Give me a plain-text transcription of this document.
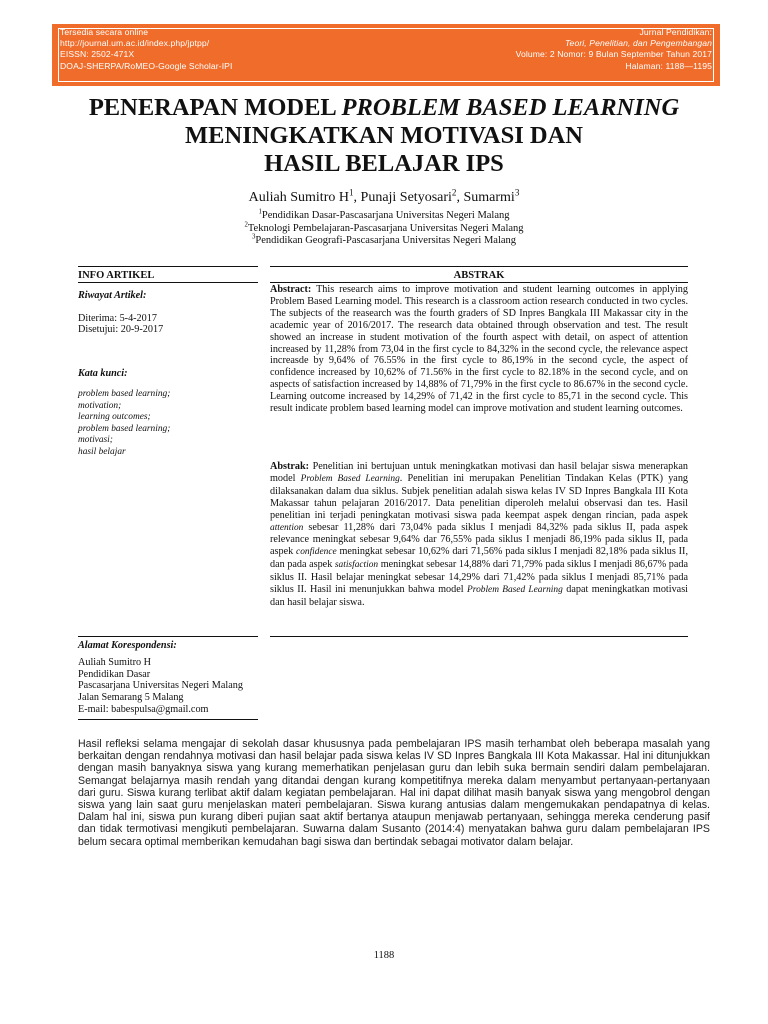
Tersedia secara online
http://journal.um.ac.id/index.php/jptpp/
EISSN: 2502-471X
DOAJ-SHERPA/RoMEO-Google Scholar-IPI
Jurnal Pendidikan:
Teori, Penelitian, dan Pengembangan
Volume: 2 Nomor: 9 Bulan September Tahun 2017
Halaman: 1188—1195
PENERAPAN MODEL PROBLEM BASED LEARNING
MENINGKATKAN MOTIVASI DAN
HASIL BELAJAR IPS
Auliah Sumitro $H^1$, Punaji Setyosari$^2$, Sumarmi$^3$
$^1$Pendidikan Dasar-Pascasarjana Universitas Negeri Malang
$^2$Teknologi Pembelajaran-Pascasarjana Universitas Negeri Malang
$^3$Pendidikan Geografi-Pascasarjana Universitas Negeri Malang
INFO ARTIKEL	ABSTRAK
Riwayat Artikel:
Diterima: 5-4-2017
Disetujui: 20-9-2017
Kata kunci:
problem based learning;
motivation;
learning outcomes;
problem based learning;
motivasi;
hasil belajar
Abstract: This research aims to improve motivation and student learning outcomes in applying Problem Based Learning model. This research is a classroom action research conducted in two cycles. The subjects of the reasearch was the fourth graders of SD Inpres Bangkala III Makassar city in the academic year of 2016/2017. The research data obtained through observation and test. The result showed an increase in student motivation of the fourth aspect with detail, on aspect of attention increased by 11,28% from 73,04 in the first cycle to 84,32% in the second cycle, the relevance aspect increasde by 9,64% of 76.55% in the first cycle to 86,19% in the second cycle, the aspect of confidence increased by 10,62% of 71.56% in the first cycle to 82.18% in the second cycle, and on aspects of satisfaction increased by 14,88% of 71,79% in the first cycle to 86.67% in the second cycle. Learning outcome increased by 14,29% of 71,42 in the first cycle to 85,71 in the second cycle. This result indicate problem based learning model can improve motivation and student learning outcomes.
Abstrak: Penelitian ini bertujuan untuk meningkatkan motivasi dan hasil belajar siswa menerapkan model Problem Based Learning. Penelitian ini merupakan Penelitian Tindakan Kelas (PTK) yang dilaksanakan dalam dua siklus. Subjek penelitian adalah siswa kelas IV SD Inpres Bangkala III Kota Makassar tahun pelajaran 2016/2017. Data penelitian diperoleh melalui observasi dan tes. Hasil penelitian ini terjadi peningkatan motivasi siswa pada keempat aspek dengan rincian, pada aspek attention sebesar 11,28% dari 73,04% pada siklus I menjadi 84,32% pada siklus II, pada aspek relevance meningkat sebesar 9,64% dar 76,55% pada siklus I menjadi 86,19% pada siklus II, pada aspek confidence meningkat sebesar 10,62% dari 71,56% pada siklus I menjadi 82,18% pada siklus II, dan pada aspek satisfaction meningkat sebesar 14,88% dari 71,79% pada siklus I menjadi 86,67% pada siklus II. Hasil belajar meningkat sebesar 14,29% dari 71,42% pada siklus I menjadi 85,71% pada siklus II. Hasil ini menunjukkan bahwa model Problem Based Learning dapat meningkatkan motivasi dan hasil belajar siswa.
Alamat Korespondensi:
Auliah Sumitro H
Pendidikan Dasar
Pascasarjana Universitas Negeri Malang
Jalan Semarang 5 Malang
E-mail: babespulsa@gmail.com
Hasil refleksi selama mengajar di sekolah dasar khususnya pada pembelajaran IPS masih terhambat oleh beberapa masalah yang berkaitan dengan rendahnya motivasi dan hasil belajar pada siswa kelas IV SD Inpres Bangkala III Kota Makassar. Hal ini ditunjukkan dengan masih banyaknya siswa yang kurang memerhatikan penjelasan guru dan lebih suka bermain sendiri dalam pembelajaran. Semangat belajarnya masih rendah yang ditandai dengan kurang kompetitifnya mereka dalam menyambut pertanyaan-pertanyaan dari guru. Siswa kurang terlibat aktif dalam kegiatan pembelajaran. Hal ini dapat dilihat masih banyak siswa yang mengobrol dengan siswa yang lain saat guru menjelaskan materi pembelajaran. Siswa kurang antusias dalam mengemukakan pendapatnya di kelas. Dalam hal ini, siswa pun kurang diberi pujian saat aktif bertanya ataupun menjawab pertanyaan, sehingga mereka cenderung pasif dan tidak termotivasi mengikuti pembelajaran. Suwarna dalam Susanto (2014:4) menyatakan bahwa guru dalam pembelajaran IPS belum secara optimal memberikan kemudahan bagi siswa dan bertindak sebagai motivator dalam belajar.
1188
